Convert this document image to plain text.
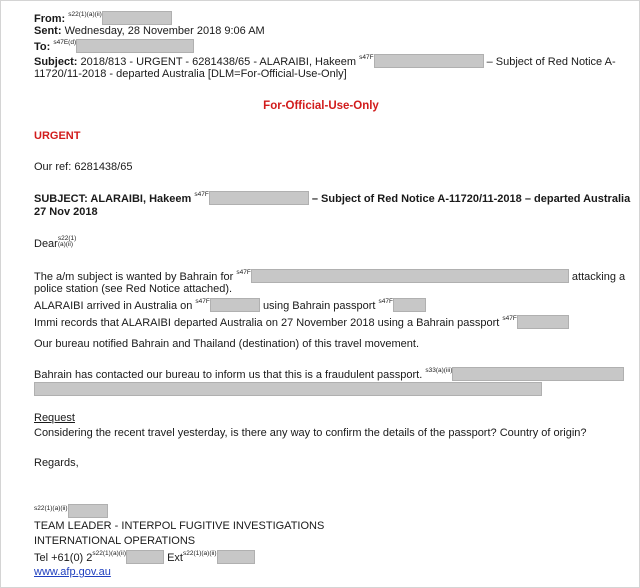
From: $^{s22(1)(a)(ii)}$
Sent: Wednesday, 28 November 2018 9:06 AM
To: $^{s47E(d)}$
Subject: 2018/813 - URGENT - 6281438/65 - ALARAIBI, Hakeem $^{s47F}$	– Subject of Red Notice A-
11720/11-2018 - departed Australia [DLM=For-Official-Use-Only]
For-Official-Use-Only
URGENT
Our ref: 6281438/65
SUBJECT: ALARAIBI, Hakeem $^{s47F}$	– Subject of Red Notice A-11720/11-2018 – departed Australia
27 Nov 2018
Dears22(1)
(a)(ii)
The a/m subject is wanted by Bahrain for $^{s47F}$	attacking a
police station (see Red Notice attached).
ALARAIBI arrived in Australia on $^{s47F}$	using Bahrain passport $^{s47F}$
Immi records that ALARAIBI departed Australia on 27 November 2018 using a Bahrain passport $^{s47F}$
Our bureau notified Bahrain and Thailand (destination) of this travel movement.
Bahrain has contacted our bureau to inform us that this is a fraudulent passport. $^{s33(a)(iii)}$
Request
Considering the recent travel yesterday, is there any way to confirm the details of the passport? Country of origin?
Regards,
$^{s22(1)(a)(ii)}$
TEAM LEADER - INTERPOL FUGITIVE INVESTIGATIONS
INTERNATIONAL OPERATIONS
Tel +61(0) $2^{s22(1)(a)(ii)}$	Ext$^{s22(1)(a)(ii)}$
www.afp.gov.au
